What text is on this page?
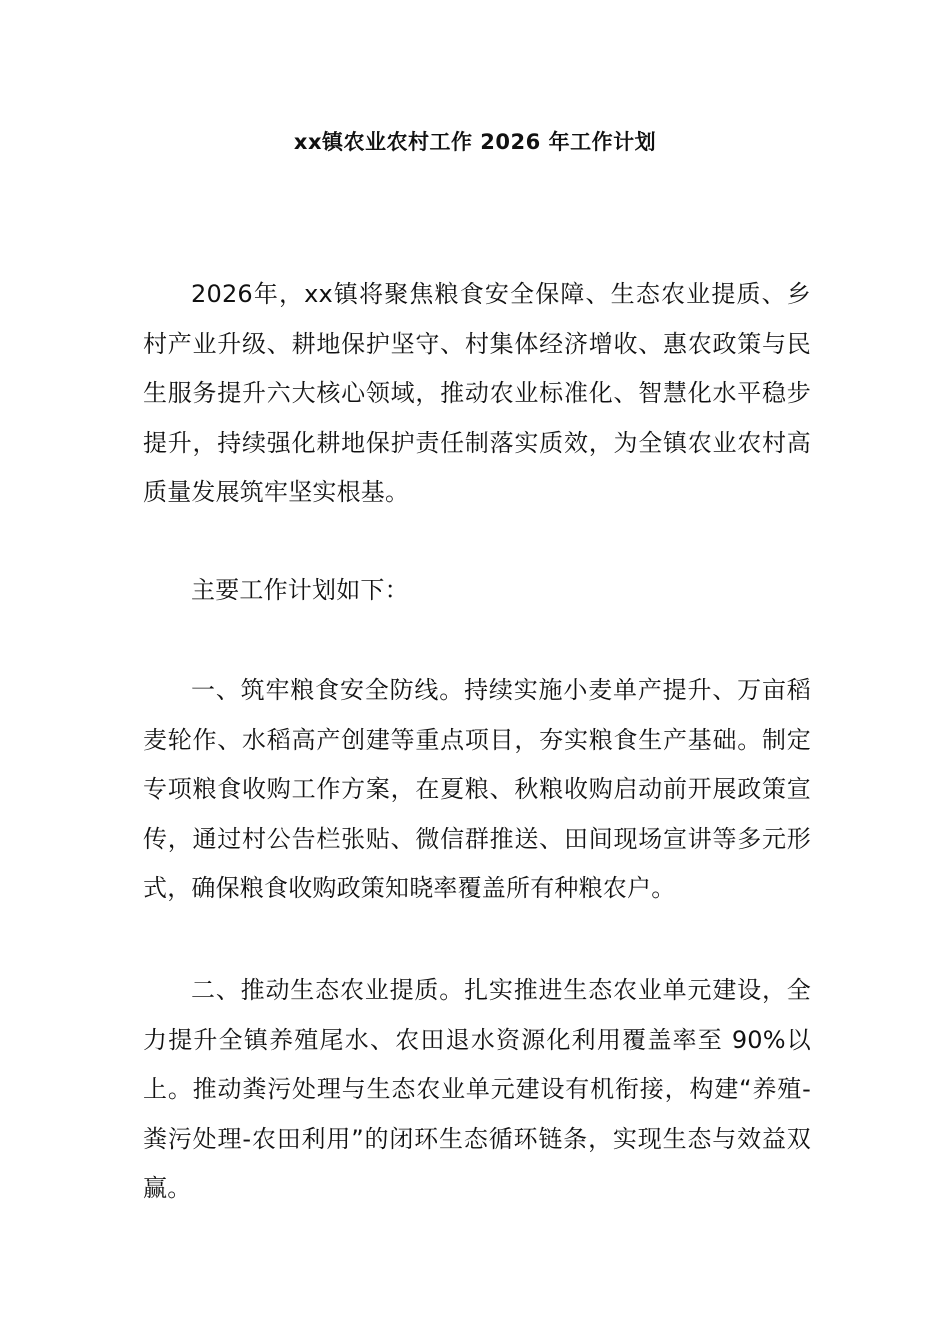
xx镇农业农村工作 2026 年工作计划

2026年，xx镇将聚焦粮食安全保障、生态农业提质、乡村产业升级、耕地保护坚守、村集体经济增收、惠农政策与民生服务提升六大核心领域，推动农业标准化、智慧化水平稳步提升，持续强化耕地保护责任制落实质效，为全镇农业农村高质量发展筑牢坚实根基。

主要工作计划如下：

一、筑牢粮食安全防线。持续实施小麦单产提升、万亩稻麦轮作、水稻高产创建等重点项目，夯实粮食生产基础。制定专项粮食收购工作方案，在夏粮、秋粮收购启动前开展政策宣传，通过村公告栏张贴、微信群推送、田间现场宣讲等多元形式，确保粮食收购政策知晓率覆盖所有种粮农户。

二、推动生态农业提质。扎实推进生态农业单元建设，全力提升全镇养殖尾水、农田退水资源化利用覆盖率至 90%以上。推动粪污处理与生态农业单元建设有机衔接，构建“养殖-粪污处理-农田利用”的闭环生态循环链条，实现生态与效益双赢。
